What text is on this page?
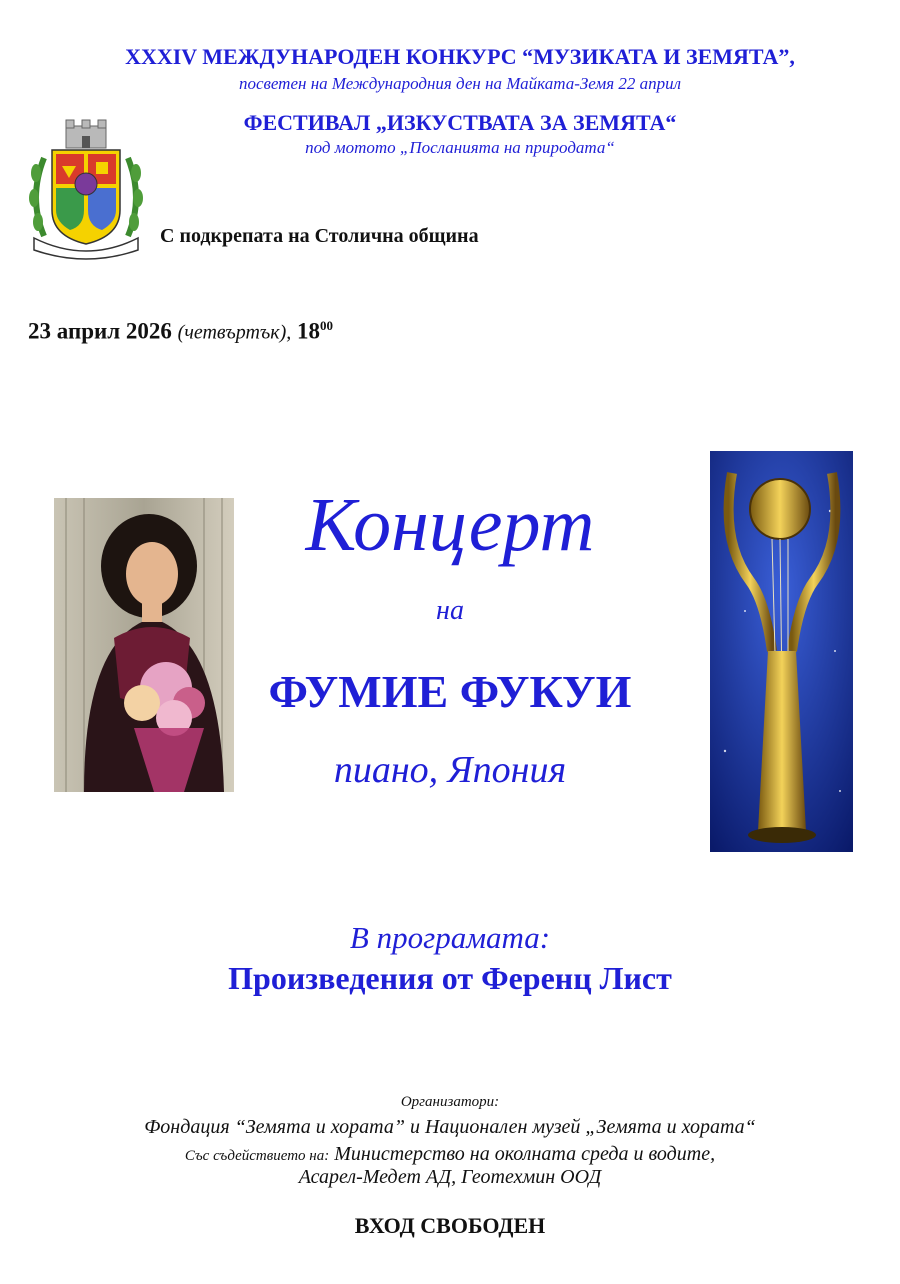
XXXIV МЕЖДУНАРОДЕН КОНКУРС “МУЗИКАТА И ЗЕМЯТА”,
посветен на Международния ден на Майката-Земя 22 април
ФЕСТИВАЛ „ИЗКУСТВАТА ЗА ЗЕМЯТА“
под мотото „Посланията на природата“
С подкрепата на Столична община
23 април 2026 (четвъртък), $18^{00}$
Концерт
на
ФУМИЕ ФУКУИ
пиано, Япония
В програмата:
Произведения от Ференц Лист
Организатори:
Фондация “Земята и хората” и Национален музей „Земята и хората“
Със съдействието на: Министерство на околната среда и водите,
Асарел-Медет АД, Геотехмин ООД
ВХОД СВОБОДЕН
